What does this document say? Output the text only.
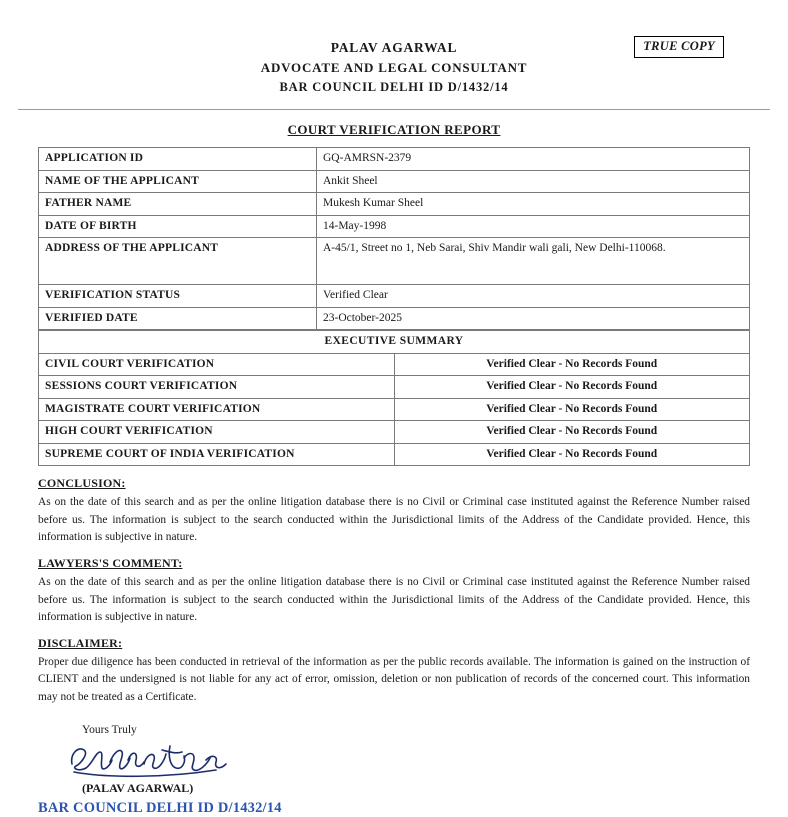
TRUE COPY
PALAV AGARWAL
ADVOCATE AND LEGAL CONSULTANT
BAR COUNCIL DELHI ID D/1432/14
COURT VERIFICATION REPORT
APPLICATION ID	GQ-AMRSN-2379
NAME OF THE APPLICANT	Ankit Sheel
FATHER NAME	Mukesh Kumar Sheel
DATE OF BIRTH	14-May-1998
ADDRESS OF THE APPLICANT	A-45/1, Street no 1, Neb Sarai, Shiv Mandir wali gali, New Delhi-110068.
VERIFICATION STATUS	Verified Clear
VERIFIED DATE	23-October-2025
EXECUTIVE SUMMARY	
CIVIL COURT VERIFICATION	Verified Clear - No Records Found
SESSIONS COURT VERIFICATION	Verified Clear - No Records Found
MAGISTRATE COURT VERIFICATION	Verified Clear - No Records Found
HIGH COURT VERIFICATION	Verified Clear - No Records Found
SUPREME COURT OF INDIA VERIFICATION	Verified Clear - No Records Found
CONCLUSION:

As on the date of this search and as per the online litigation database there is no Civil or Criminal case instituted against the Reference Number raised before us. The information is subject to the search conducted within the Jurisdictional limits of the Address of the Candidate provided. Hence, this information is subjective in nature.

LAWYERS'S COMMENT:

As on the date of this search and as per the online litigation database there is no Civil or Criminal case instituted against the Reference Number raised before us. The information is subject to the search conducted within the Jurisdictional limits of the Address of the Candidate provided. Hence, this information is subjective in nature.

DISCLAIMER:

Proper due diligence has been conducted in retrieval of the information as per the public records available. The information is gained on the instruction of CLIENT and the undersigned is not liable for any act of error, omission, deletion or non publication of records of the concerned court. This information may not be treated as a Certificate.

Yours Truly
(PALAV AGARWAL)
BAR COUNCIL DELHI ID D/1432/14
